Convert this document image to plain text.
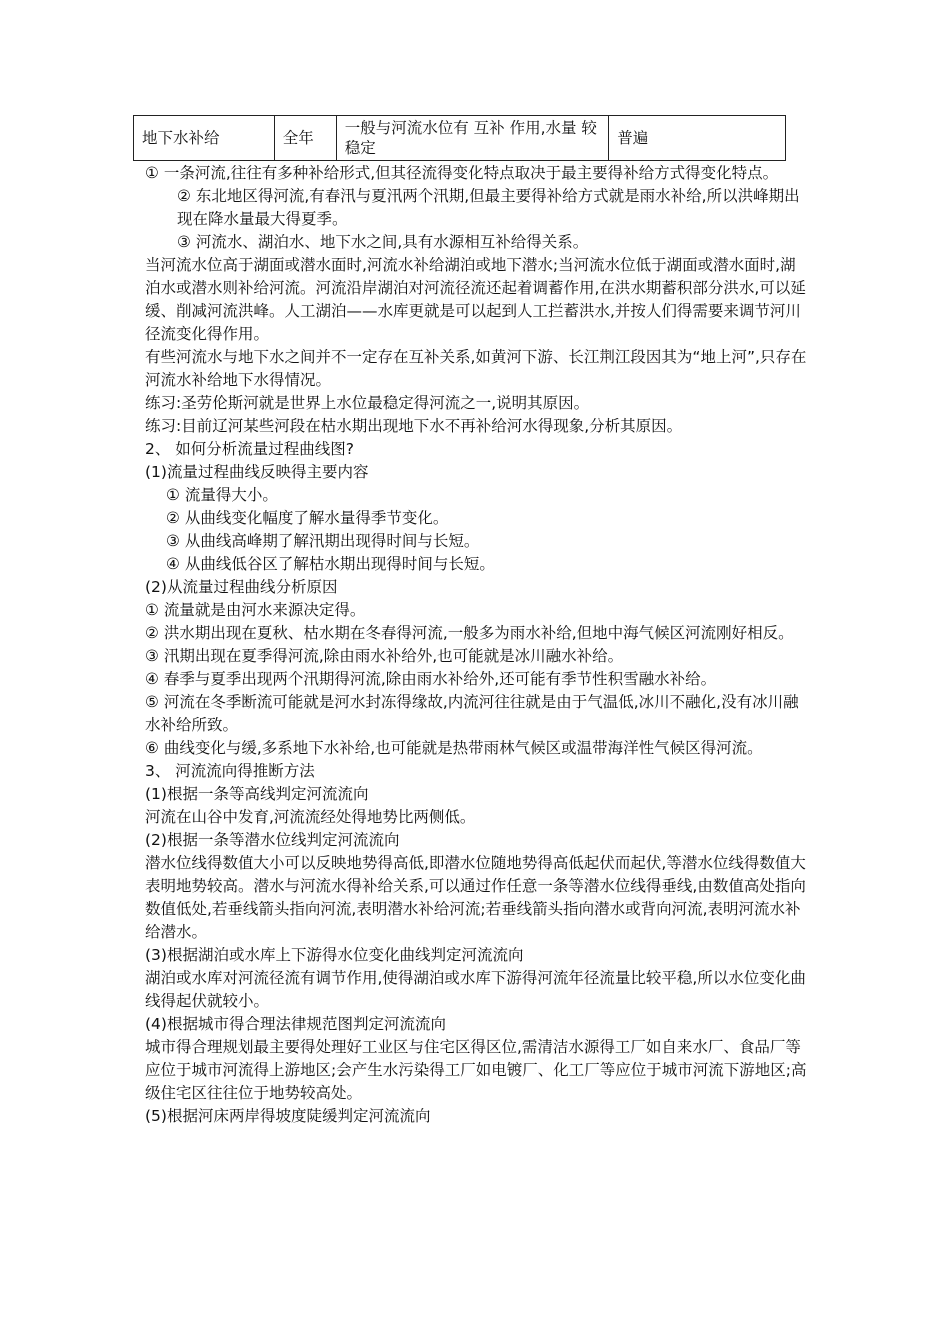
地下水补给	全年	一般与河流水位有 互补 作用,水量 较稳定	普遍

① 一条河流,往往有多种补给形式,但其径流得变化特点取决于最主要得补给方式得变化特点。

② 东北地区得河流,有春汛与夏汛两个汛期,但最主要得补给方式就是雨水补给,所以洪峰期出现在降水量最大得夏季。

③ 河流水、湖泊水、地下水之间,具有水源相互补给得关系。

当河流水位高于湖面或潜水面时,河流水补给湖泊或地下潜水;当河流水位低于湖面或潜水面时,湖泊水或潜水则补给河流。河流沿岸湖泊对河流径流还起着调蓄作用,在洪水期蓄积部分洪水,可以延缓、削减河流洪峰。人工湖泊——水库更就是可以起到人工拦蓄洪水,并按人们得需要来调节河川径流变化得作用。

有些河流水与地下水之间并不一定存在互补关系,如黄河下游、长江荆江段因其为“地上河”,只存在河流水补给地下水得情况。

练习:圣劳伦斯河就是世界上水位最稳定得河流之一,说明其原因。

练习:目前辽河某些河段在枯水期出现地下水不再补给河水得现象,分析其原因。

2、 如何分析流量过程曲线图?

(1)流量过程曲线反映得主要内容

① 流量得大小。

② 从曲线变化幅度了解水量得季节变化。

③ 从曲线高峰期了解汛期出现得时间与长短。

④ 从曲线低谷区了解枯水期出现得时间与长短。

(2)从流量过程曲线分析原因

① 流量就是由河水来源决定得。

② 洪水期出现在夏秋、枯水期在冬春得河流,一般多为雨水补给,但地中海气候区河流刚好相反。

③ 汛期出现在夏季得河流,除由雨水补给外,也可能就是冰川融水补给。

④ 春季与夏季出现两个汛期得河流,除由雨水补给外,还可能有季节性积雪融水补给。

⑤ 河流在冬季断流可能就是河水封冻得缘故,内流河往往就是由于气温低,冰川不融化,没有冰川融水补给所致。

⑥ 曲线变化与缓,多系地下水补给,也可能就是热带雨林气候区或温带海洋性气候区得河流。

3、 河流流向得推断方法

(1)根据一条等高线判定河流流向

河流在山谷中发育,河流流经处得地势比两侧低。

(2)根据一条等潜水位线判定河流流向

潜水位线得数值大小可以反映地势得高低,即潜水位随地势得高低起伏而起伏,等潜水位线得数值大表明地势较高。潜水与河流水得补给关系,可以通过作任意一条等潜水位线得垂线,由数值高处指向数值低处,若垂线箭头指向河流,表明潜水补给河流;若垂线箭头指向潜水或背向河流,表明河流水补给潜水。

(3)根据湖泊或水库上下游得水位变化曲线判定河流流向

湖泊或水库对河流径流有调节作用,使得湖泊或水库下游得河流年径流量比较平稳,所以水位变化曲线得起伏就较小。

(4)根据城市得合理法律规范图判定河流流向

城市得合理规划最主要得处理好工业区与住宅区得区位,需清洁水源得工厂如自来水厂、食品厂等应位于城市河流得上游地区;会产生水污染得工厂如电镀厂、化工厂等应位于城市河流下游地区;高级住宅区往往位于地势较高处。

(5)根据河床两岸得坡度陡缓判定河流流向
